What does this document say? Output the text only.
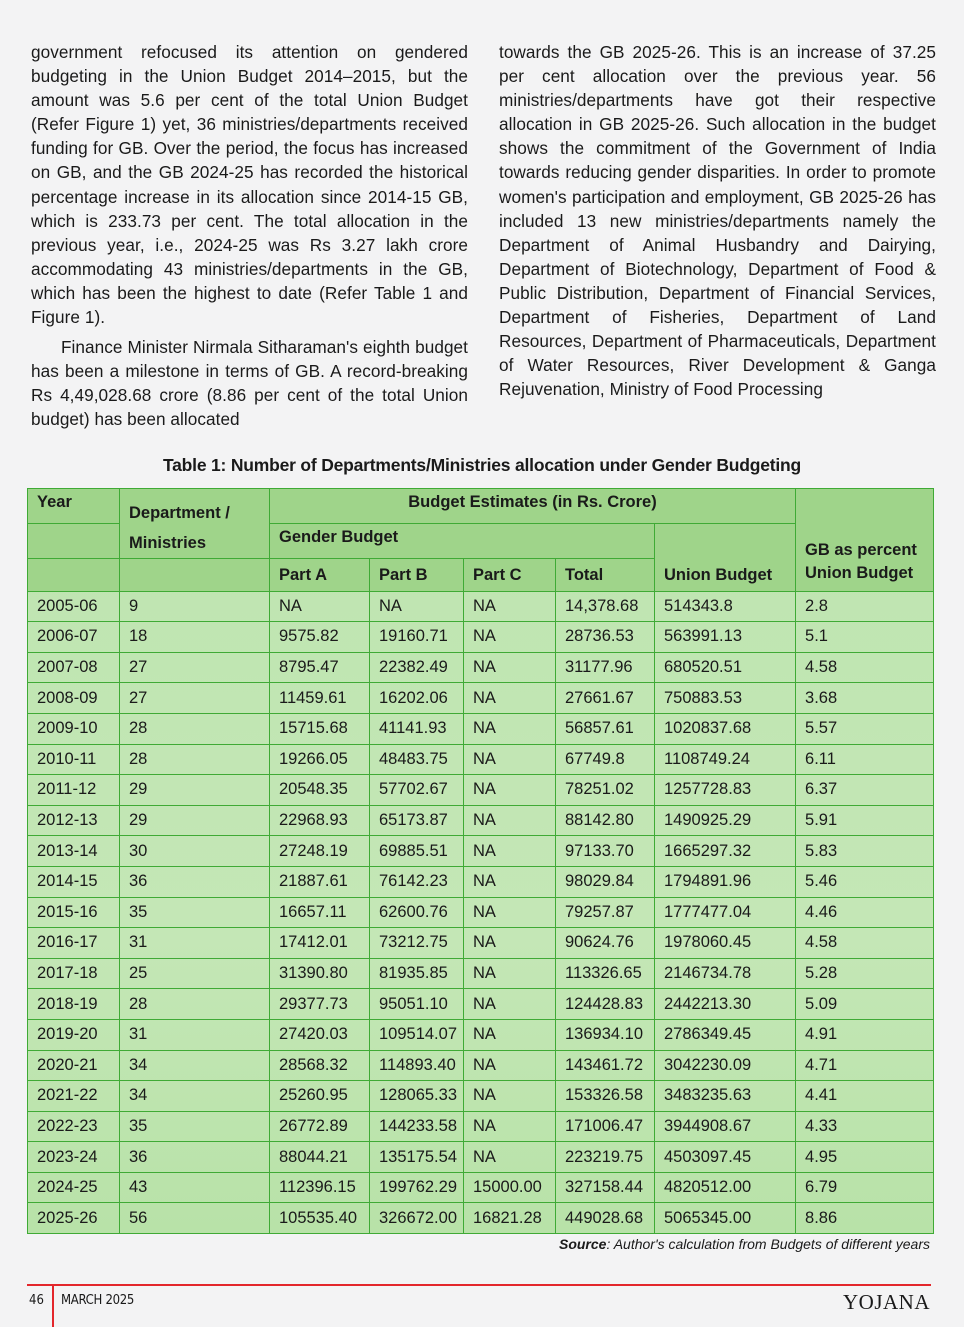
government refocused its attention on gendered budgeting in the Union Budget 2014–2015, but the amount was 5.6 per cent of the total Union Budget (Refer Figure 1) yet, 36 ministries/departments received funding for GB. Over the period, the focus has increased on GB, and the GB 2024-25 has recorded the historical percentage increase in its allocation since 2014-15 GB, which is 233.73 per cent. The total allocation in the previous year, i.e., 2024-25 was Rs 3.27 lakh crore accommodating 43 ministries/departments in the GB, which has been the highest to date (Refer Table 1 and Figure 1).

Finance Minister Nirmala Sitharaman's eighth budget has been a milestone in terms of GB. A record-breaking Rs 4,49,028.68 crore (8.86 per cent of the total Union budget) has been allocated

towards the GB 2025-26. This is an increase of 37.25 per cent allocation over the previous year. 56 ministries/departments have got their respective allocation in GB 2025-26. Such allocation in the budget shows the commitment of the Government of India towards reducing gender disparities. In order to promote women's participation and employment, GB 2025-26 has included 13 new ministries/departments namely the Department of Animal Husbandry and Dairying, Department of Biotechnology, Department of Food & Public Distribution, Department of Financial Services, Department of Fisheries, Department of Land Resources, Department of Pharmaceuticals, Department of Water Resources, River Development & Ganga Rejuvenation, Ministry of Food Processing

Table 1: Number of Departments/Ministries allocation under Gender Budgeting
Year	Department / Ministries	Budget Estimates (in Rs. Crore)					GB as percent Union Budget
		Gender Budget				Union Budget	
		Part A	Part B	Part C	Total		
2005-06	9	NA	NA	NA	14,378.68	514343.8	2.8
2006-07	18	9575.82	19160.71	NA	28736.53	563991.13	5.1
2007-08	27	8795.47	22382.49	NA	31177.96	680520.51	4.58
2008-09	27	11459.61	16202.06	NA	27661.67	750883.53	3.68
2009-10	28	15715.68	41141.93	NA	56857.61	1020837.68	5.57
2010-11	28	19266.05	48483.75	NA	67749.8	1108749.24	6.11
2011-12	29	20548.35	57702.67	NA	78251.02	1257728.83	6.37
2012-13	29	22968.93	65173.87	NA	88142.80	1490925.29	5.91
2013-14	30	27248.19	69885.51	NA	97133.70	1665297.32	5.83
2014-15	36	21887.61	76142.23	NA	98029.84	1794891.96	5.46
2015-16	35	16657.11	62600.76	NA	79257.87	1777477.04	4.46
2016-17	31	17412.01	73212.75	NA	90624.76	1978060.45	4.58
2017-18	25	31390.80	81935.85	NA	113326.65	2146734.78	5.28
2018-19	28	29377.73	95051.10	NA	124428.83	2442213.30	5.09
2019-20	31	27420.03	109514.07	NA	136934.10	2786349.45	4.91
2020-21	34	28568.32	114893.40	NA	143461.72	3042230.09	4.71
2021-22	34	25260.95	128065.33	NA	153326.58	3483235.63	4.41
2022-23	35	26772.89	144233.58	NA	171006.47	3944908.67	4.33
2023-24	36	88044.21	135175.54	NA	223219.75	4503097.45	4.95
2024-25	43	112396.15	199762.29	15000.00	327158.44	4820512.00	6.79
2025-26	56	105535.40	326672.00	16821.28	449028.68	5065345.00	8.86
Source: Author's calculation from Budgets of different years
46 MARCH 2025	YOJANA
